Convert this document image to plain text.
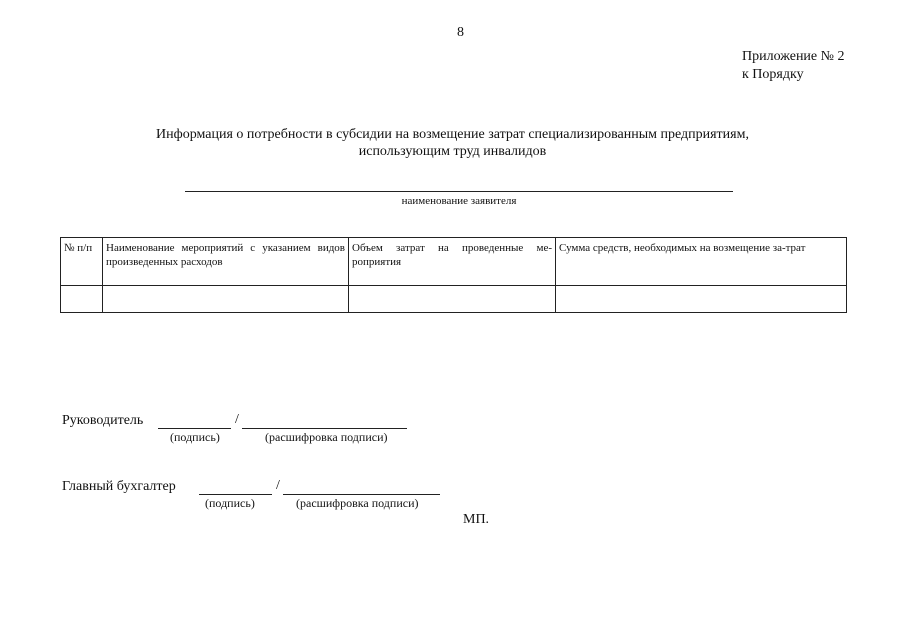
8
Приложение № 2
к Порядку
Информация о потребности в субсидии на возмещение затрат специализированным предприятиям,
использующим труд инвалидов
наименование заявителя
№ п/п	Наименование мероприятий с указанием видов произведенных расходов	Объем затрат на проведенные ме-роприятия	Сумма средств, необходимых на возмещение за-трат

Руководитель	/
(подпись)	(расшифровка подписи)
Главный бухгалтер	/
(подпись)	(расшифровка подписи)
МП.
